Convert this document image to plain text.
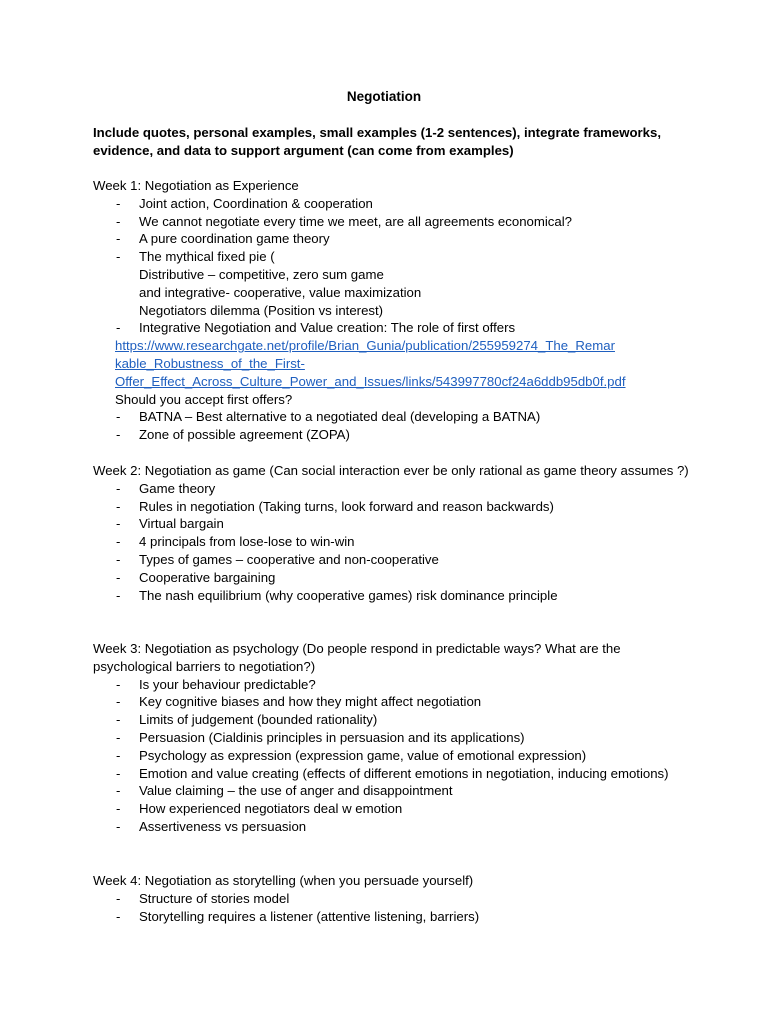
Negotiation
Include quotes, personal examples, small examples (1-2 sentences), integrate frameworks, evidence, and data to support argument (can come from examples)
Week 1: Negotiation as Experience
- Joint action, Coordination & cooperation
- We cannot negotiate every time we meet, are all agreements economical?
- A pure coordination game theory
- The mythical fixed pie (
Distributive – competitive, zero sum game
and integrative- cooperative, value maximization
Negotiators dilemma (Position vs interest)
- Integrative Negotiation and Value creation: The role of first offers
https://www.researchgate.net/profile/Brian_Gunia/publication/255959274_The_Remar
kable_Robustness_of_the_First-
Offer_Effect_Across_Culture_Power_and_Issues/links/543997780cf24a6ddb95db0f.pdf
Should you accept first offers?
- BATNA – Best alternative to a negotiated deal (developing a BATNA)
- Zone of possible agreement (ZOPA)
Week 2: Negotiation as game (Can social interaction ever be only rational as game theory assumes ?)
- Game theory
- Rules in negotiation (Taking turns, look forward and reason backwards)
- Virtual bargain
- 4 principals from lose-lose to win-win
- Types of games – cooperative and non-cooperative
- Cooperative bargaining
- The nash equilibrium (why cooperative games) risk dominance principle
Week 3: Negotiation as psychology (Do people respond in predictable ways? What are the psychological barriers to negotiation?)
- Is your behaviour predictable?
- Key cognitive biases and how they might affect negotiation
- Limits of judgement (bounded rationality)
- Persuasion (Cialdinis principles in persuasion and its applications)
- Psychology as expression (expression game, value of emotional expression)
- Emotion and value creating (effects of different emotions in negotiation, inducing emotions)
- Value claiming – the use of anger and disappointment
- How experienced negotiators deal w emotion
- Assertiveness vs persuasion
Week 4: Negotiation as storytelling (when you persuade yourself)
- Structure of stories model
- Storytelling requires a listener (attentive listening, barriers)
